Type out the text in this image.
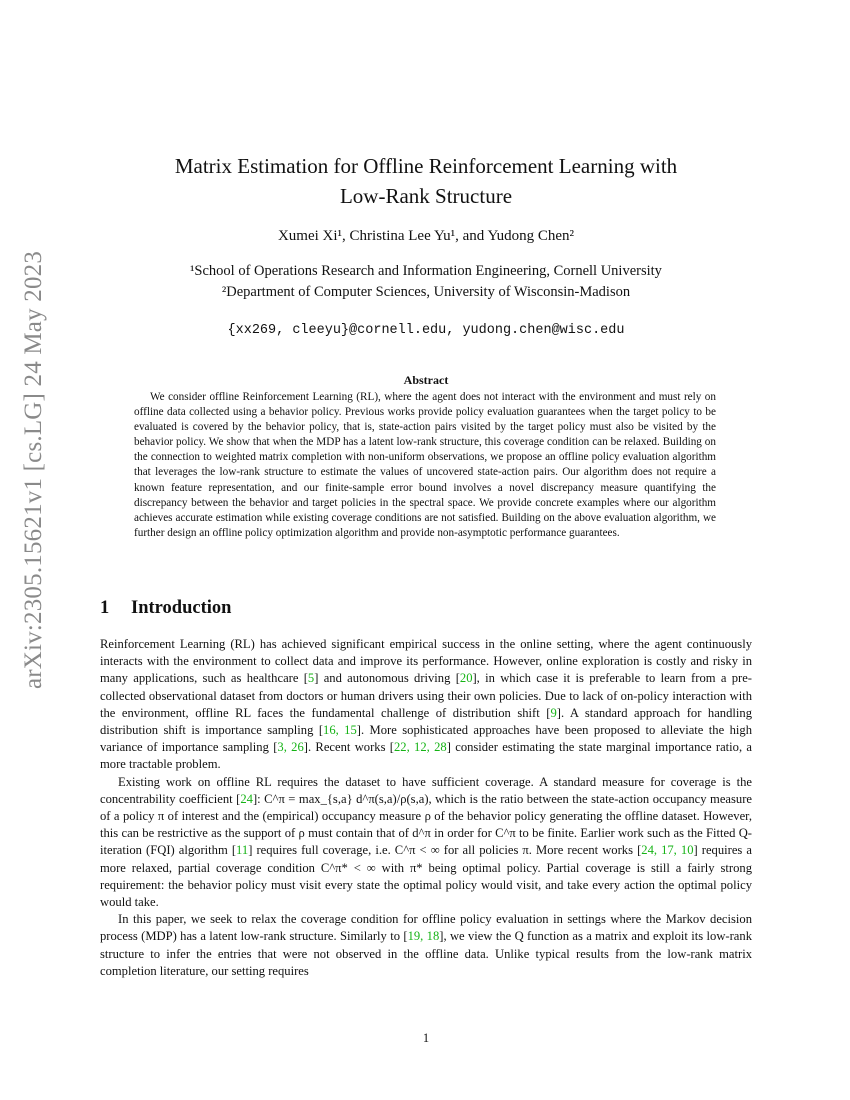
arXiv:2305.15621v1 [cs.LG] 24 May 2023
Matrix Estimation for Offline Reinforcement Learning with
Low-Rank Structure
Xumei Xi¹, Christina Lee Yu¹, and Yudong Chen²
¹School of Operations Research and Information Engineering, Cornell University
²Department of Computer Sciences, University of Wisconsin-Madison
{xx269, cleeyu}@cornell.edu, yudong.chen@wisc.edu
Abstract

We consider offline Reinforcement Learning (RL), where the agent does not interact with the environment and must rely on offline data collected using a behavior policy. Previous works provide policy evaluation guarantees when the target policy to be evaluated is covered by the behavior policy, that is, state-action pairs visited by the target policy must also be visited by the behavior policy. We show that when the MDP has a latent low-rank structure, this coverage condition can be relaxed. Building on the connection to weighted matrix completion with non-uniform observations, we propose an offline policy evaluation algorithm that leverages the low-rank structure to estimate the values of uncovered state-action pairs. Our algorithm does not require a known feature representation, and our finite-sample error bound involves a novel discrepancy measure quantifying the discrepancy between the behavior and target policies in the spectral space. We provide concrete examples where our algorithm achieves accurate estimation while existing coverage conditions are not satisfied. Building on the above evaluation algorithm, we further design an offline policy optimization algorithm and provide non-asymptotic performance guarantees.

1 Introduction

Reinforcement Learning (RL) has achieved significant empirical success in the online setting, where the agent continuously interacts with the environment to collect data and improve its performance. However, online exploration is costly and risky in many applications, such as healthcare [5] and autonomous driving [20], in which case it is preferable to learn from a pre-collected observational dataset from doctors or human drivers using their own policies. Due to lack of on-policy interaction with the environment, offline RL faces the fundamental challenge of distribution shift [9]. A standard approach for handling distribution shift is importance sampling [16, 15]. More sophisticated approaches have been proposed to alleviate the high variance of importance sampling [3, 26]. Recent works [22, 12, 28] consider estimating the state marginal importance ratio, a more tractable problem.

Existing work on offline RL requires the dataset to have sufficient coverage. A standard measure for coverage is the concentrability coefficient [24]: C^π = max_{s,a} d^π(s,a)/ρ(s,a), which is the ratio between the state-action occupancy measure of a policy π of interest and the (empirical) occupancy measure ρ of the behavior policy generating the offline dataset. However, this can be restrictive as the support of ρ must contain that of d^π in order for C^π to be finite. Earlier work such as the Fitted Q-iteration (FQI) algorithm [11] requires full coverage, i.e. C^π < ∞ for all policies π. More recent works [24, 17, 10] requires a more relaxed, partial coverage condition C^π* < ∞ with π* being optimal policy. Partial coverage is still a fairly strong requirement: the behavior policy must visit every state the optimal policy would visit, and take every action the optimal policy would take.

In this paper, we seek to relax the coverage condition for offline policy evaluation in settings where the Markov decision process (MDP) has a latent low-rank structure. Similarly to [19, 18], we view the Q function as a matrix and exploit its low-rank structure to infer the entries that were not observed in the offline data. Unlike typical results from the low-rank matrix completion literature, our setting requires

1
